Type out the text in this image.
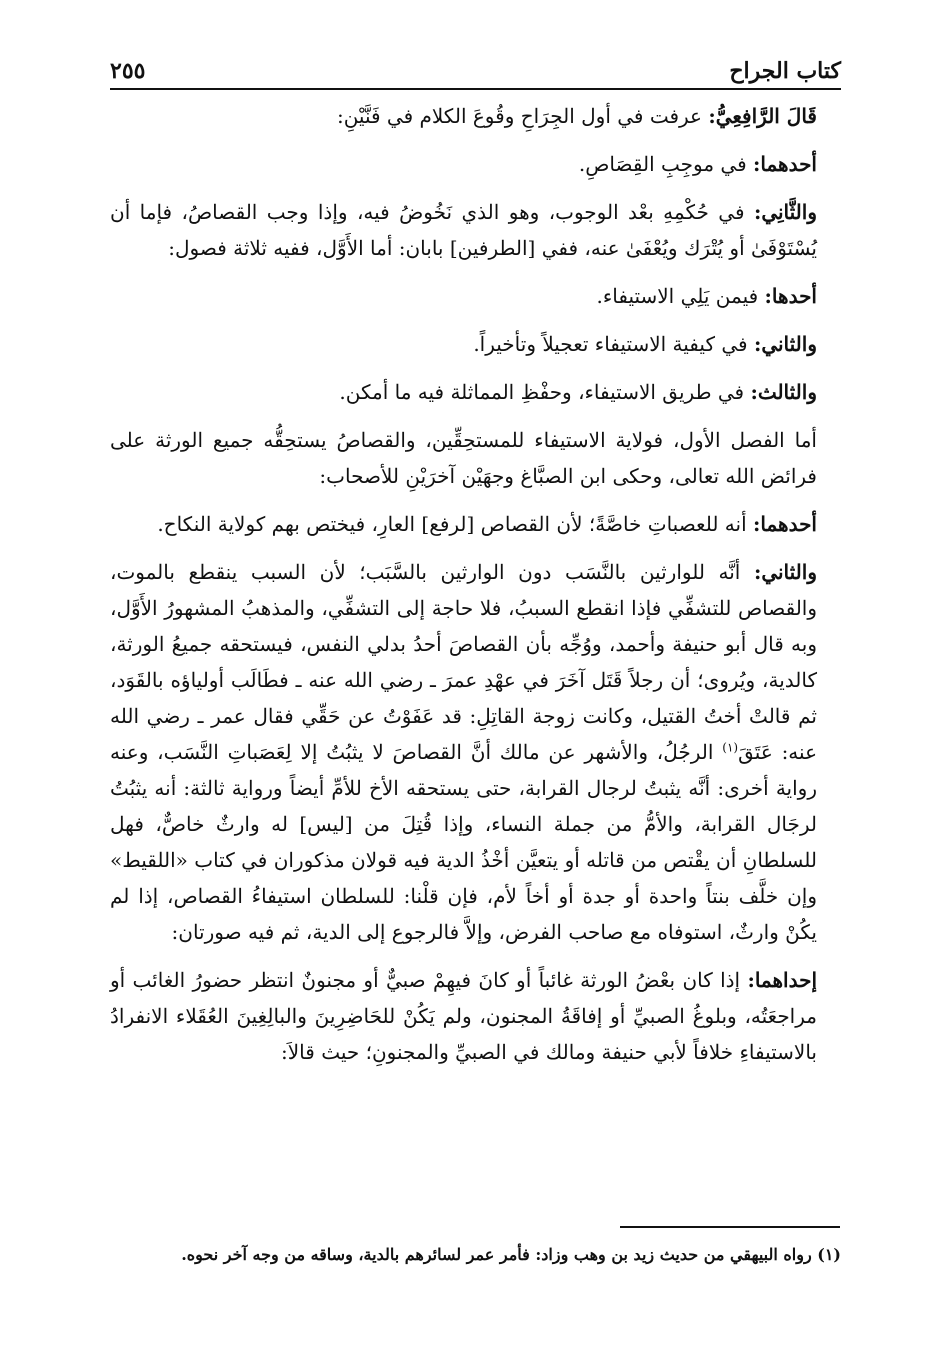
كتاب الجراح
٢٥٥

قَالَ الرَّافِعِيُّ: عرفت في أول الجِرَاحِ وقُوعَ الكلام في فَنَّيْنِ:

أحدهما: في موجِبِ القِصَاصِ.

والثَّانِي: في حُكْمِهِ بعْد الوجوب، وهو الذي نَخُوضُ فيه، وإذا وجب القصاصُ، فإما أن يُسْتَوْفَىٰ أو يُتْرَك ويُعْفَىٰ عنه، ففي [الطرفين] بابان: أما الأَوَّل، ففيه ثلاثة فصول:

أحدها: فيمن يَلِي الاستيفاء.

والثاني: في كيفية الاستيفاء تعجيلاً وتأخيراً.

والثالث: في طريق الاستيفاء، وحفْظِ المماثلة فيه ما أمكن.

أما الفصل الأول، فولاية الاستيفاء للمستحِقِّين، والقصاصُ يستحِقُّه جميع الورثة على فرائض الله تعالى، وحكى ابن الصبَّاغ وجهَيْن آخرَيْنِ للأصحاب:

أحدهما: أنه للعصباتِ خاصَّةً؛ لأن القصاص [لرفع] العارِ، فيختص بهم كولاية النكاح.

والثاني: أنَّه للوارثين بالنَّسَب دون الوارثين بالسَّبَب؛ لأن السبب ينقطع بالموت، والقصاص للتشفِّي فإذا انقطع السببُ، فلا حاجة إلى التشفِّي، والمذهبُ المشهورُ الأَوَّل، وبه قال أبو حنيفة وأحمد، ووُجِّه بأن القصاصَ أحدُ بدلي النفس، فيستحقه جميعُ الورثة، كالدية، ويُروى؛ أن رجلاً قَتَل آخَرَ في عهْدِ عمرَ ـ رضي الله عنه ـ فطَالَب أولياؤه بالقَوَد، ثم قالتْ أختُ القتيل، وكانت زوجة القاتِلِ: قد عَفَوْتُ عن حَقِّي فقال عمر ـ رضي الله عنه: عَتَقَ$^{(١)}$ الرجُلُ، والأشهر عن مالك أنَّ القصاصَ لا يثبُتُ إلا لِعَصَباتِ النَّسَب، وعنه رواية أخرى: أنَّه يثبتُ لرجال القرابة، حتى يستحقه الأخ للأمِّ أيضاً ورواية ثالثة: أنه يثبُتُ لرجَال القرابة، والأمُّ من جملة النساء، وإذا قُتِلَ من [ليس] له وارثٌ خاصٌّ، فهل للسلطانِ أن يقْتص من قاتله أو يتعيَّن أخْذُ الدية فيه قولان مذكوران في كتاب «اللقيط» وإن خلَّف بنتاً واحدة أو جدة أو أخاً لأم، فإن قلْنا: للسلطان استيفاءُ القصاص، إذا لم يكُنْ وارثٌ، استوفاه مع صاحب الفرض، وإلاَّ فالرجوع إلى الدية، ثم فيه صورتان:

إحداهما: إذا كان بعْضُ الورثة غائباً أو كانَ فيهِمْ صبيٌّ أو مجنونٌ انتظر حضورُ الغائب أو مراجعَتُه، وبلوغُ الصبيِّ أو إفاقَةُ المجنون، ولم يَكُنْ للحَاضِرِينَ والبالِغِينَ العُقَلاء الانفرادُ بالاستيفاءِ خلافاً لأبي حنيفة ومالك في الصبيِّ والمجنونِ؛ حيث قالاَ:

(١) رواه البيهقي من حديث زيد بن وهب وزاد: فأمر عمر لسائرهم بالدية، وساقه من وجه آخر نحوه.
